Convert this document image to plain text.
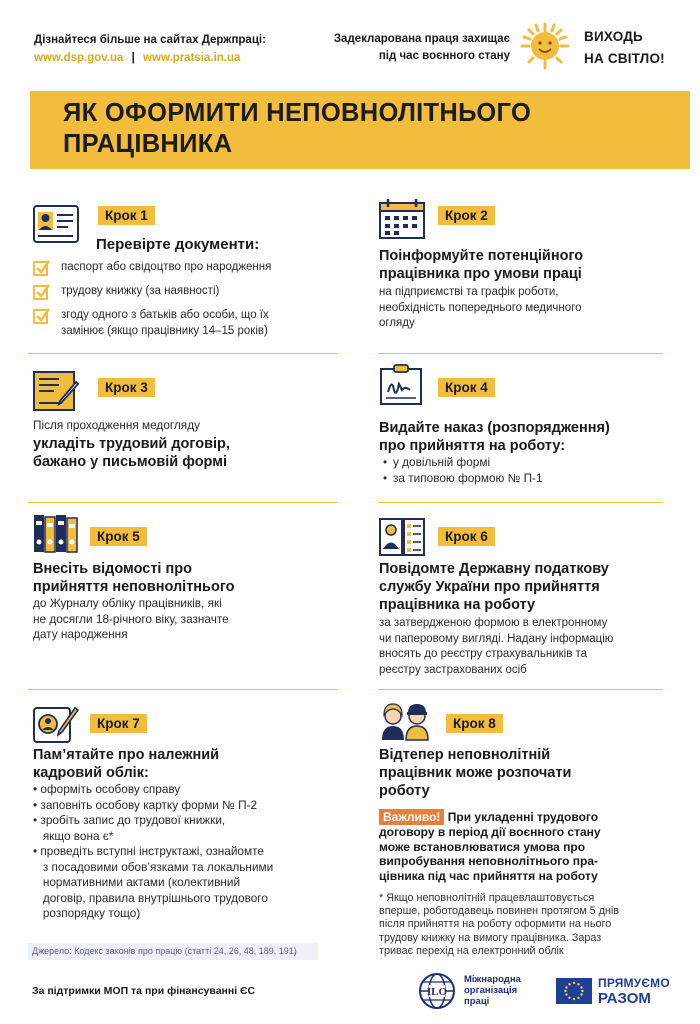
Дізнайтеся більше на сайтах Держпраці:
www.dsp.gov.ua | www.pratsia.in.ua
Задекларована праця захищає
під час воєнного стану
ВИХОДЬ
НА СВІТЛО!
ЯК ОФОРМИТИ НЕПОВНОЛІТНЬОГО
ПРАЦІВНИКА
Крок 1
Перевірте документи:
паспорт або свідоцтво про народження
трудову книжку (за наявності)
згоду одного з батьків або особи, що їх
замінює (якщо працівнику 14–15 років)
Крок 2
Поінформуйте потенційного
працівника про умови праці
на підприємстві та графік роботи,
необхідність попереднього медичного
огляду
Крок 3
Після проходження медогляду
укладіть трудовий договір,
бажано у письмовій формі
Крок 4
Видайте наказ (розпорядження)
про прийняття на роботу:
• у довільній формі
• за типовою формою № П-1
Крок 5
Внесіть відомості про
прийняття неповнолітнього
до Журналу обліку працівників, які
не досягли 18-річного віку, зазначте
дату народження
Крок 6
Повідомте Державну податкову
службу України про прийняття
працівника на роботу
за затвердженою формою в електронному
чи паперовому вигляді. Надану інформацію
вносять до реєстру страхувальників та
реєстру застрахованих осіб
Крок 7
Пам’ятайте про належний
кадровий облік:
• оформіть особову справу
• заповніть особову картку форми № П-2
• зробіть запис до трудової книжки,
якщо вона є*
• проведіть вступні інструктажі, ознайомте
з посадовими обов’язками та локальними
нормативними актами (колективний
договір, правила внутрішнього трудового
розпорядку тощо)
Крок 8
Відтепер неповнолітній
працівник може розпочати
роботу
Важливо! При укладенні трудового
договору в період дії воєнного стану
може встановлюватися умова про
випробування неповнолітнього пра-
цівника під час прийняття на роботу
* Якщо неповнолітній працевлаштовується
вперше, роботодавець повинен протягом 5 днів
після прийняття на роботу оформити на нього
трудову книжку на вимогу працівника. Зараз
триває перехід на електронний облік
Джерело: Кодекс законів про працю (статті 24, 26, 48, 189, 191)
За підтримки МОП та при фінансуванні ЄС	ILO
Міжнародна
організація
праці
ПРЯМУЄМО
РАЗОМ
